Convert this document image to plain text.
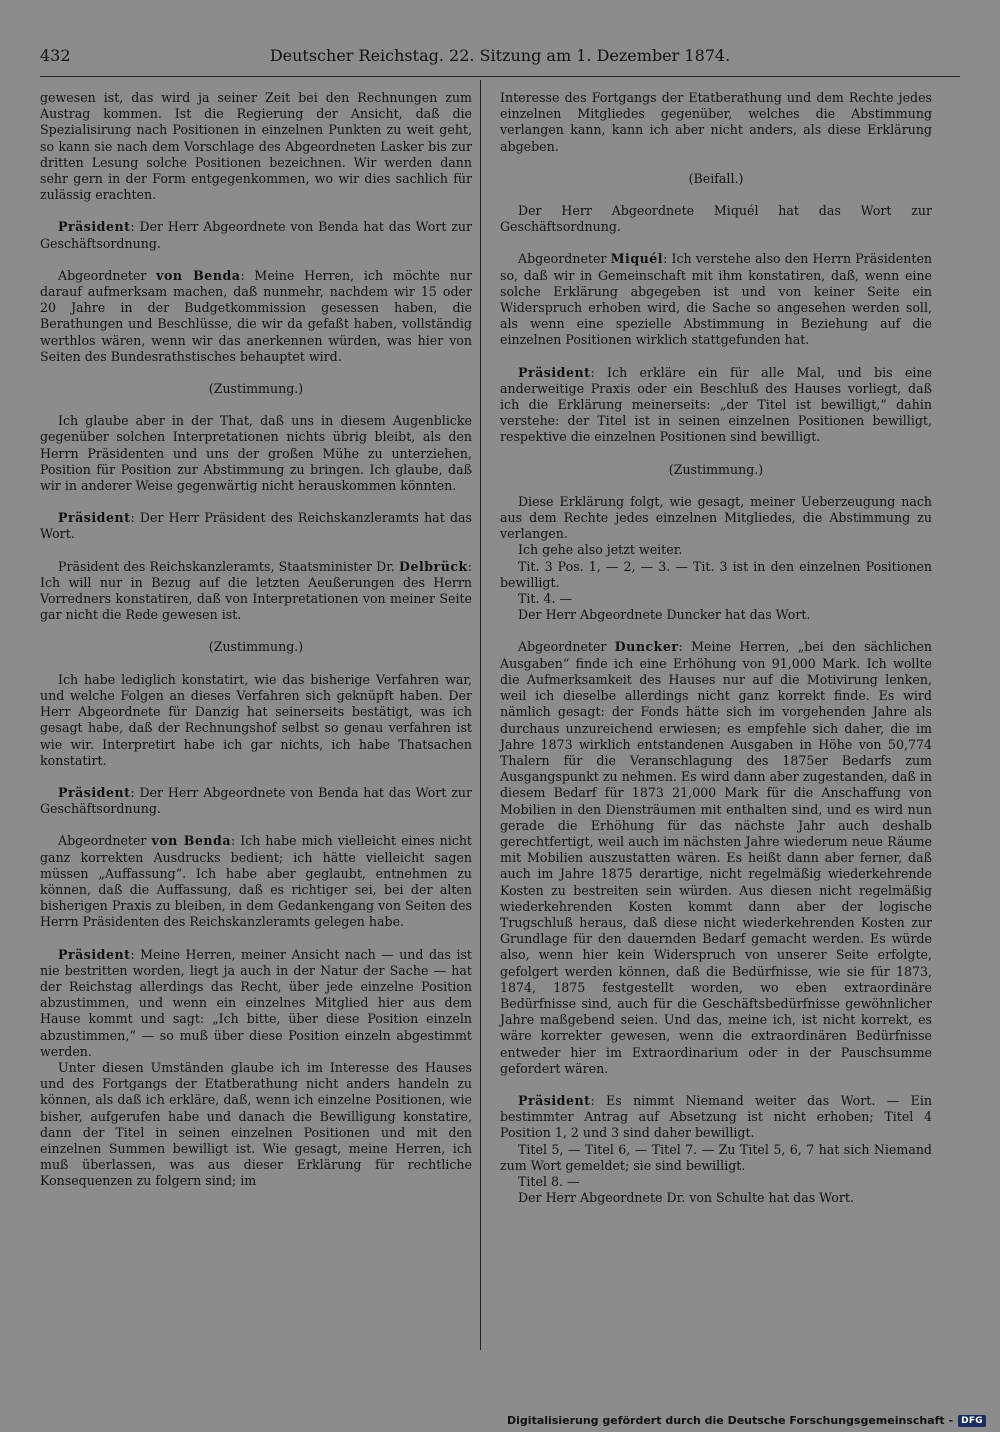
432	Deutscher Reichstag. 22. Sitzung am 1. Dezember 1874.

gewesen ist, das wird ja seiner Zeit bei den Rechnungen zum Austrag kommen. Ist die Regierung der Ansicht, daß die Spezialisirung nach Positionen in einzelnen Punkten zu weit geht, so kann sie nach dem Vorschlage des Abgeordneten Lasker bis zur dritten Lesung solche Positionen bezeichnen. Wir werden dann sehr gern in der Form entgegenkommen, wo wir dies sachlich für zulässig erachten.

Präsident: Der Herr Abgeordnete von Benda hat das Wort zur Geschäftsordnung.

Abgeordneter von Benda: Meine Herren, ich möchte nur darauf aufmerksam machen, daß nunmehr, nachdem wir 15 oder 20 Jahre in der Budgetkommission gesessen haben, die Berathungen und Beschlüsse, die wir da gefaßt haben, vollständig werthlos wären, wenn wir das anerkennen würden, was hier von Seiten des Bundesrathstisches behauptet wird.

(Zustimmung.)

Ich glaube aber in der That, daß uns in diesem Augenblicke gegenüber solchen Interpretationen nichts übrig bleibt, als den Herrn Präsidenten und uns der großen Mühe zu unterziehen, Position für Position zur Abstimmung zu bringen. Ich glaube, daß wir in anderer Weise gegenwärtig nicht herauskommen könnten.

Präsident: Der Herr Präsident des Reichskanzleramts hat das Wort.

Präsident des Reichskanzleramts, Staatsminister Dr. Delbrück: Ich will nur in Bezug auf die letzten Aeußerungen des Herrn Vorredners konstatiren, daß von Interpretationen von meiner Seite gar nicht die Rede gewesen ist.

(Zustimmung.)

Ich habe lediglich konstatirt, wie das bisherige Verfahren war, und welche Folgen an dieses Verfahren sich geknüpft haben. Der Herr Abgeordnete für Danzig hat seinerseits bestätigt, was ich gesagt habe, daß der Rechnungshof selbst so genau verfahren ist wie wir. Interpretirt habe ich gar nichts, ich habe Thatsachen konstatirt.

Präsident: Der Herr Abgeordnete von Benda hat das Wort zur Geschäftsordnung.

Abgeordneter von Benda: Ich habe mich vielleicht eines nicht ganz korrekten Ausdrucks bedient; ich hätte vielleicht sagen müssen „Auffassung“. Ich habe aber geglaubt, entnehmen zu können, daß die Auffassung, daß es richtiger sei, bei der alten bisherigen Praxis zu bleiben, in dem Gedankengang von Seiten des Herrn Präsidenten des Reichskanzleramts gelegen habe.

Präsident: Meine Herren, meiner Ansicht nach — und das ist nie bestritten worden, liegt ja auch in der Natur der Sache — hat der Reichstag allerdings das Recht, über jede einzelne Position abzustimmen, und wenn ein einzelnes Mitglied hier aus dem Hause kommt und sagt: „Ich bitte, über diese Position einzeln abzustimmen,“ — so muß über diese Position einzeln abgestimmt werden.

Unter diesen Umständen glaube ich im Interesse des Hauses und des Fortgangs der Etatberathung nicht anders handeln zu können, als daß ich erkläre, daß, wenn ich einzelne Positionen, wie bisher, aufgerufen habe und danach die Bewilligung konstatire, dann der Titel in seinen einzelnen Positionen und mit den einzelnen Summen bewilligt ist. Wie gesagt, meine Herren, ich muß überlassen, was aus dieser Erklärung für rechtliche Konsequenzen zu folgern sind; im

Interesse des Fortgangs der Etatberathung und dem Rechte jedes einzelnen Mitgliedes gegenüber, welches die Abstimmung verlangen kann, kann ich aber nicht anders, als diese Erklärung abgeben.

(Beifall.)

Der Herr Abgeordnete Miquél hat das Wort zur Geschäftsordnung.

Abgeordneter Miquél: Ich verstehe also den Herrn Präsidenten so, daß wir in Gemeinschaft mit ihm konstatiren, daß, wenn eine solche Erklärung abgegeben ist und von keiner Seite ein Widerspruch erhoben wird, die Sache so angesehen werden soll, als wenn eine spezielle Abstimmung in Beziehung auf die einzelnen Positionen wirklich stattgefunden hat.

Präsident: Ich erkläre ein für alle Mal, und bis eine anderweitige Praxis oder ein Beschluß des Hauses vorliegt, daß ich die Erklärung meinerseits: „der Titel ist bewilligt,“ dahin verstehe: der Titel ist in seinen einzelnen Positionen bewilligt, respektive die einzelnen Positionen sind bewilligt.

(Zustimmung.)

Diese Erklärung folgt, wie gesagt, meiner Ueberzeugung nach aus dem Rechte jedes einzelnen Mitgliedes, die Abstimmung zu verlangen.

Ich gehe also jetzt weiter.

Tit. 3 Pos. 1, — 2, — 3. — Tit. 3 ist in den einzelnen Positionen bewilligt.

Tit. 4. —

Der Herr Abgeordnete Duncker hat das Wort.

Abgeordneter Duncker: Meine Herren, „bei den sächlichen Ausgaben“ finde ich eine Erhöhung von 91,000 Mark. Ich wollte die Aufmerksamkeit des Hauses nur auf die Motivirung lenken, weil ich dieselbe allerdings nicht ganz korrekt finde. Es wird nämlich gesagt: der Fonds hätte sich im vorgehenden Jahre als durchaus unzureichend erwiesen; es empfehle sich daher, die im Jahre 1873 wirklich entstandenen Ausgaben in Höhe von 50,774 Thalern für die Veranschlagung des 1875er Bedarfs zum Ausgangspunkt zu nehmen. Es wird dann aber zugestanden, daß in diesem Bedarf für 1873 21,000 Mark für die Anschaffung von Mobilien in den Diensträumen mit enthalten sind, und es wird nun gerade die Erhöhung für das nächste Jahr auch deshalb gerechtfertigt, weil auch im nächsten Jahre wiederum neue Räume mit Mobilien auszustatten wären. Es heißt dann aber ferner, daß auch im Jahre 1875 derartige, nicht regelmäßig wiederkehrende Kosten zu bestreiten sein würden. Aus diesen nicht regelmäßig wiederkehrenden Kosten kommt dann aber der logische Trugschluß heraus, daß diese nicht wiederkehrenden Kosten zur Grundlage für den dauernden Bedarf gemacht werden. Es würde also, wenn hier kein Widerspruch von unserer Seite erfolgte, gefolgert werden können, daß die Bedürfnisse, wie sie für 1873, 1874, 1875 festgestellt worden, wo eben extraordinäre Bedürfnisse sind, auch für die Geschäftsbedürfnisse gewöhnlicher Jahre maßgebend seien. Und das, meine ich, ist nicht korrekt, es wäre korrekter gewesen, wenn die extraordinären Bedürfnisse entweder hier im Extraordinarium oder in der Pauschsumme gefordert wären.

Präsident: Es nimmt Niemand weiter das Wort. — Ein bestimmter Antrag auf Absetzung ist nicht erhoben; Titel 4 Position 1, 2 und 3 sind daher bewilligt.

Titel 5, — Titel 6, — Titel 7. — Zu Titel 5, 6, 7 hat sich Niemand zum Wort gemeldet; sie sind bewilligt.

Titel 8. —

Der Herr Abgeordnete Dr. von Schulte hat das Wort.

Digitalisierung gefördert durch die Deutsche Forschungsgemeinschaft - DFG
